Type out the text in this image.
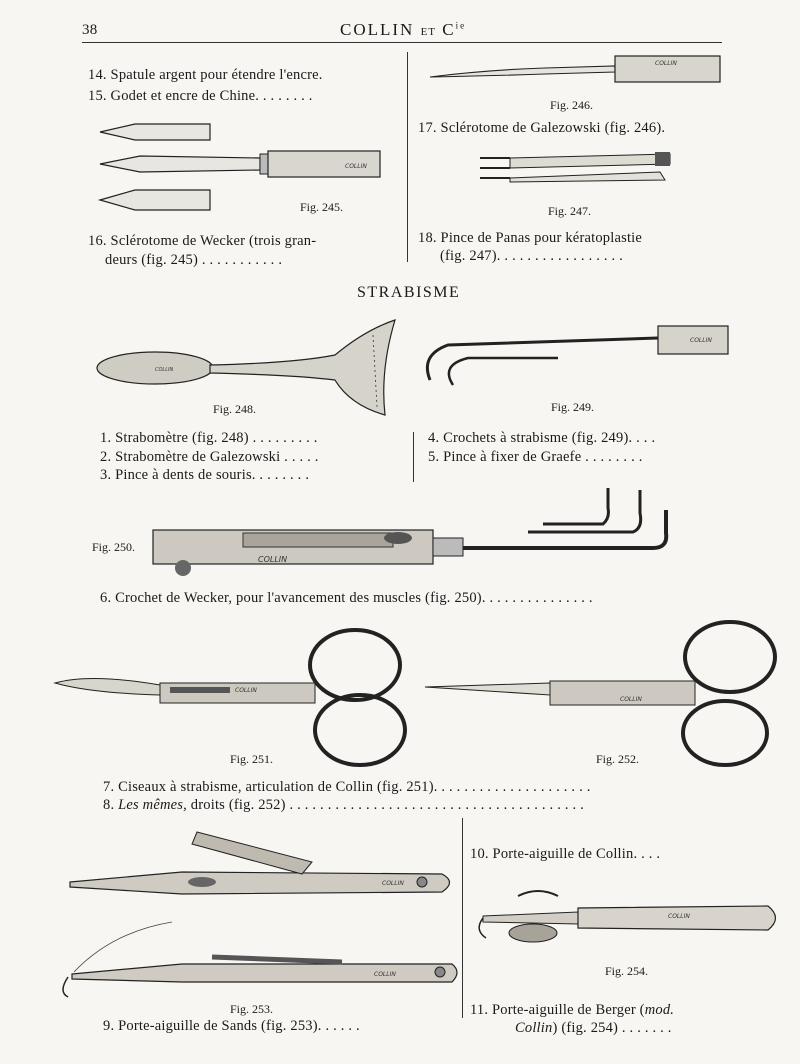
38	COLLIN ET $C^{ie}$
14. Spatule argent pour étendre l'encre.
15. Godet et encre de Chine. . . . . . . .
COLLIN
Fig. 245.
16. Sclérotome de Wecker (trois gran-
deurs (fig. 245) . . . . . . . . . . .
COLLIN
Fig. 246.
17. Sclérotome de Galezowski (fig. 246).
Fig. 247.
18. Pince de Panas pour kératoplastie
(fig. 247). . . . . . . . . . . . . . . . .
STRABISME
COLLIN
Fig. 248.
COLLIN
Fig. 249.
1. Strabomètre (fig. 248) . . . . . . . . .
2. Strabomètre de Galezowski . . . . .
3. Pince à dents de souris. . . . . . . .
4. Crochets à strabisme (fig. 249). . . .
5. Pince à fixer de Graefe . . . . . . . .
Fig. 250.
COLLIN
6. Crochet de Wecker, pour l'avancement des muscles (fig. 250). . . . . . . . . . . . . . .
COLLIN
Fig. 251.
COLLIN
Fig. 252.
7. Ciseaux à strabisme, articulation de Collin (fig. 251). . . . . . . . . . . . . . . . . . . . .
8. Les mêmes, droits (fig. 252) . . . . . . . . . . . . . . . . . . . . . . . . . . . . . . . . . . . . . . .
COLLIN
COLLIN
Fig. 253.
9. Porte-aiguille de Sands (fig. 253). . . . . .
10. Porte-aiguille de Collin. . . .
COLLIN
Fig. 254.
11. Porte-aiguille de Berger (mod.
Collin) (fig. 254) . . . . . . .
